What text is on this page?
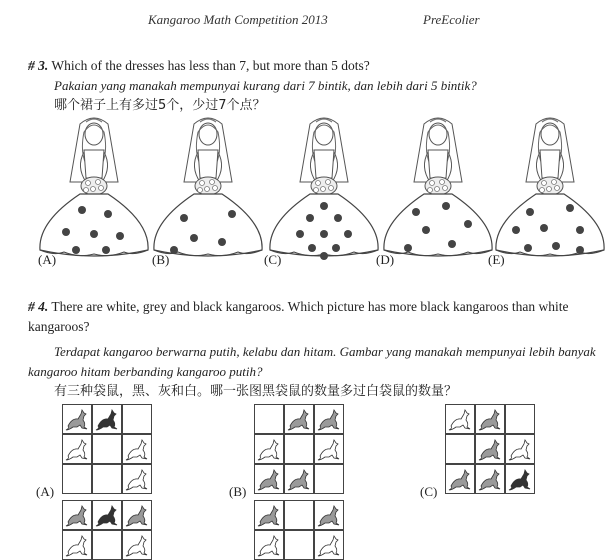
Kangaroo Math Competition 2013	PreEcolier
# 3. Which of the dresses has less than 7, but more than 5 dots?
Pakaian yang manakah mempunyai kurang dari 7 bintik, dan lebih dari 5 bintik?
哪个裙子上有多过5个，少过7个点？
(A)	(B)	(C)	(D)	(E)
# 4. There are white, grey and black kangaroos. Which picture has more black kangaroos than white kangaroos?
Terdapat kangaroo berwarna putih, kelabu dan hitam. Gambar yang manakah mempunyai lebih banyak kangaroo hitam berbanding kangaroo putih?
有三种袋鼠，黑、灰和白。哪一张图黑袋鼠的数量多过白袋鼠的数量？
(A)	(B)	(C)
